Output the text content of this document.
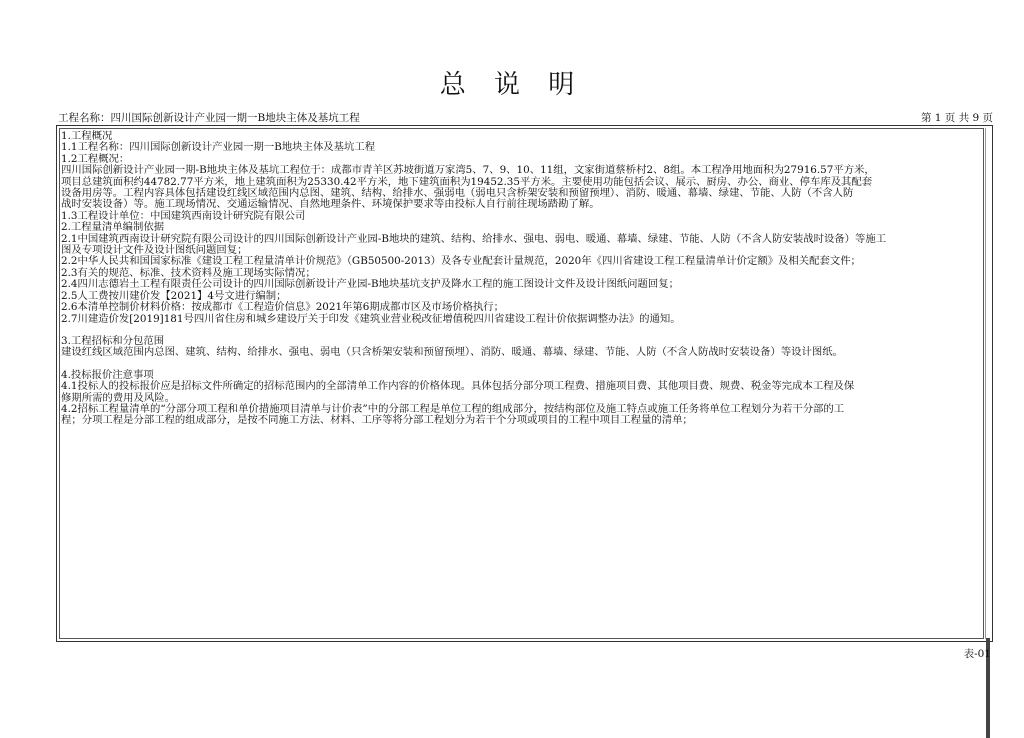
总 说 明
工程名称：四川国际创新设计产业园一期一B地块主体及基坑工程	第 1 页 共 9 页
1.工程概况
1.1工程名称：四川国际创新设计产业园一期一B地块主体及基坑工程
1.2工程概况：
四川国际创新设计产业园一期-B地块主体及基坑工程位于：成都市青羊区苏坡街道万家湾5、7、9、10、11组，文家街道蔡桥村2、8组。本工程净用地面积为27916.57平方米，
项目总建筑面积约44782.77平方米，地上建筑面积为25330.42平方米，地下建筑面积为19452.35平方米。主要使用功能包括会议、展示、厨房、办公、商业、停车库及其配套
设备用房等。工程内容具体包括建设红线区域范围内总图、建筑、结构、给排水、强弱电（弱电只含桥架安装和预留预埋）、消防、暖通、幕墙、绿建、节能、人防（不含人防
战时安装设备）等。施工现场情况、交通运输情况、自然地理条件、环境保护要求等由投标人自行前往现场踏勘了解。
1.3工程设计单位：中国建筑西南设计研究院有限公司
2.工程量清单编制依据
2.1中国建筑西南设计研究院有限公司设计的四川国际创新设计产业园-B地块的建筑、结构、给排水、强电、弱电、暖通、幕墙、绿建、节能、人防（不含人防安装战时设备）等施工
图及专项设计文件及设计图纸问题回复；
2.2中华人民共和国国家标准《建设工程工程量清单计价规范》（GB50500-2013）及各专业配套计量规范，2020年《四川省建设工程工程量清单计价定额》及相关配套文件；
2.3有关的规范、标准、技术资料及施工现场实际情况；
2.4四川志德岩土工程有限责任公司设计的四川国际创新设计产业园-B地块基坑支护及降水工程的施工图设计文件及设计图纸问题回复；
2.5人工费按川建价发【2021】4号文进行编制；
2.6本清单控制价材料价格：按成都市《工程造价信息》2021年第6期成都市区及市场价格执行；
2.7川建造价发[2019]181号四川省住房和城乡建设厅关于印发《建筑业营业税改征增值税四川省建设工程计价依据调整办法》的通知。
3.工程招标和分包范围
建设红线区域范围内总图、建筑、结构、给排水、强电、弱电（只含桥架安装和预留预埋）、消防、暖通、幕墙、绿建、节能、人防（不含人防战时安装设备）等设计图纸。
4.投标报价注意事项
4.1投标人的投标报价应是招标文件所确定的招标范围内的全部清单工作内容的价格体现。具体包括分部分项工程费、措施项目费、其他项目费、规费、税金等完成本工程及保
修期所需的费用及风险。
4.2招标工程量清单的“分部分项工程和单价措施项目清单与计价表”中的分部工程是单位工程的组成部分，按结构部位及施工特点或施工任务将单位工程划分为若干分部的工
程；分项工程是分部工程的组成部分，是按不同施工方法、材料、工序等将分部工程划分为若干个分项或项目的工程中项目工程量的清单；
表-01
